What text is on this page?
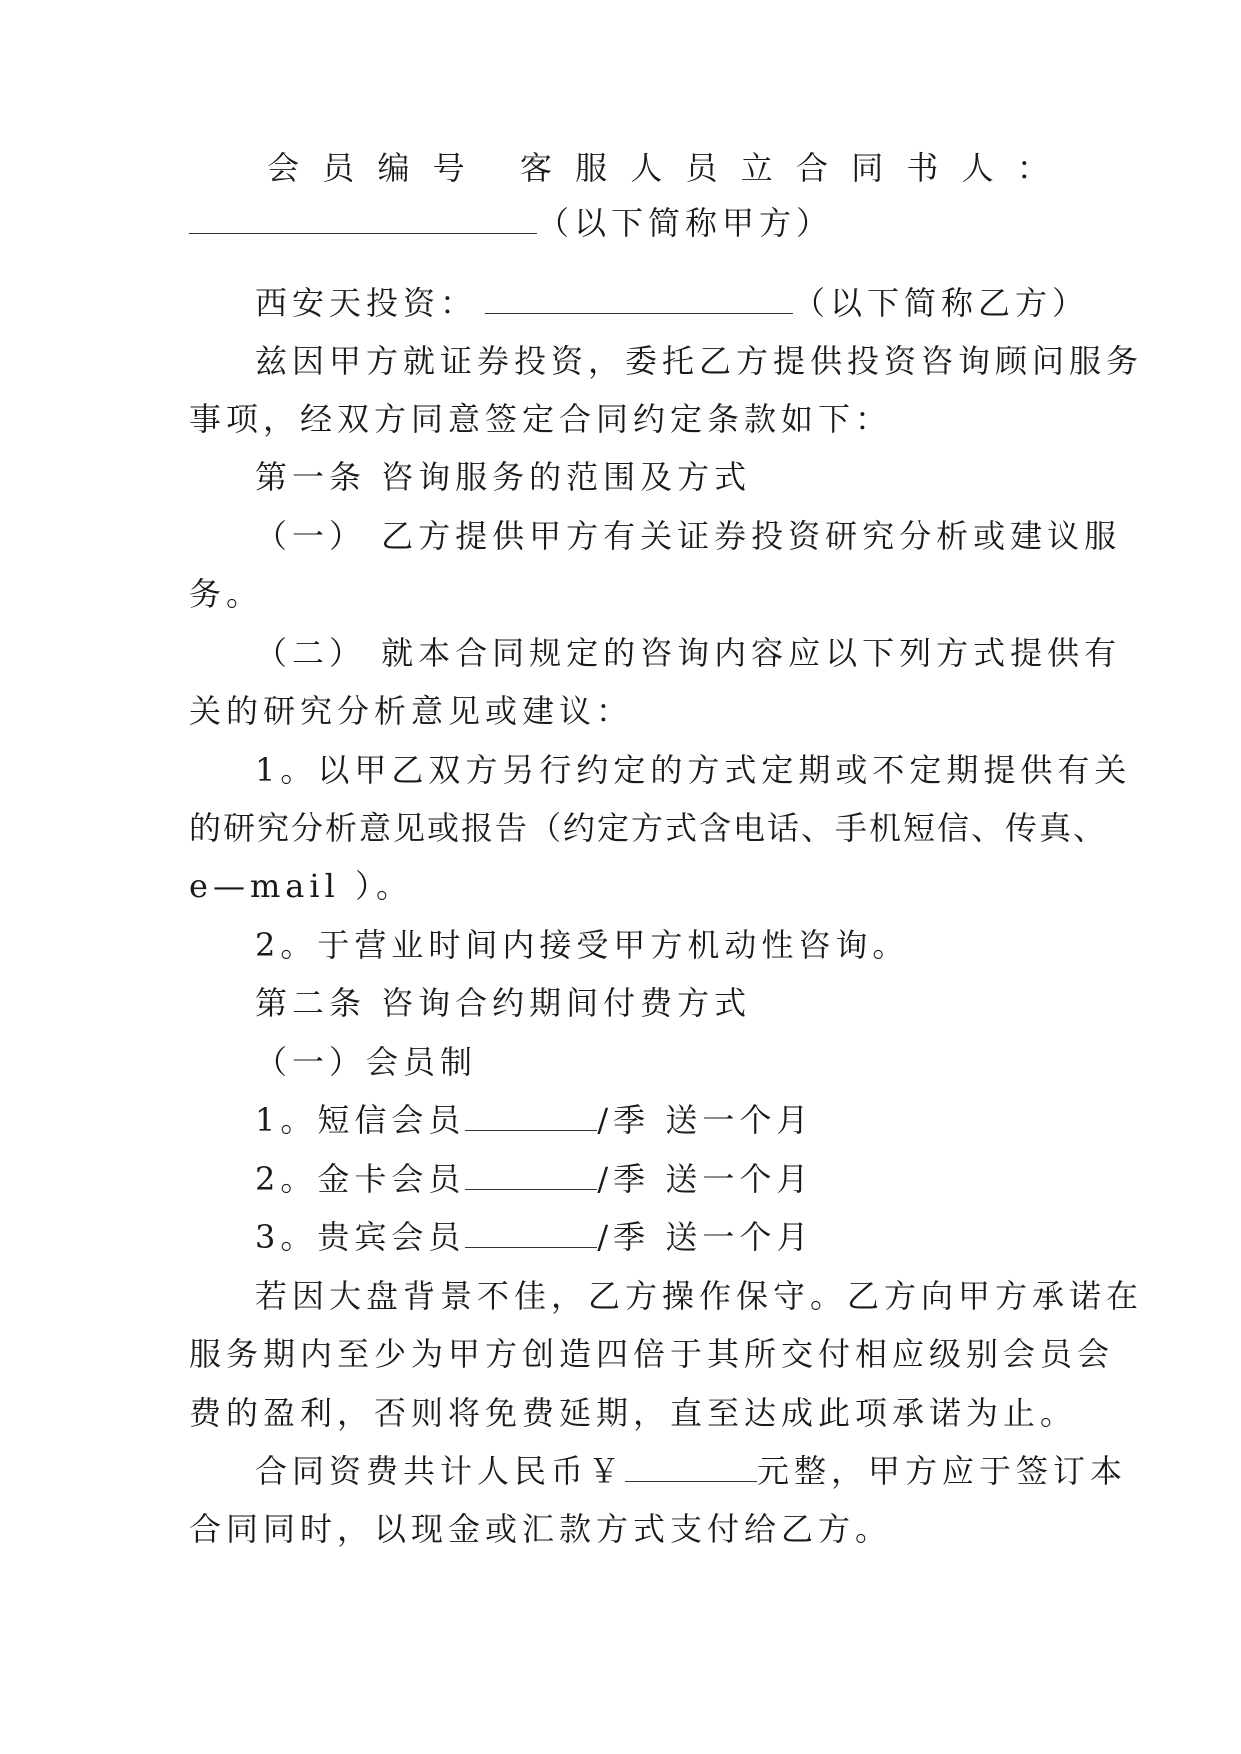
会 员 编 号 客 服 人 员 立 合 同 书 人 ：
（以下简称甲方）
西安天投资：	（以下简称乙方）
兹因甲方就证券投资，委托乙方提供投资咨询顾问服务
事项，经双方同意签定合同约定条款如下：
第一条 咨询服务的范围及方式
（一） 乙方提供甲方有关证券投资研究分析或建议服
务。
（二） 就本合同规定的咨询内容应以下列方式提供有
关的研究分析意见或建议：
1。以甲乙双方另行约定的方式定期或不定期提供有关
的研究分析意见或报告（约定方式含电话、手机短信、传真、
e—mail ）。
2。于营业时间内接受甲方机动性咨询。
第二条 咨询合约期间付费方式
（一）会员制
1。短信会员	/季 送一个月
2。金卡会员	/季 送一个月
3。贵宾会员	/季 送一个月
若因大盘背景不佳，乙方操作保守。乙方向甲方承诺在
服务期内至少为甲方创造四倍于其所交付相应级别会员会
费的盈利，否则将免费延期，直至达成此项承诺为止。
合同资费共计人民币￥	元整，甲方应于签订本
合同同时，以现金或汇款方式支付给乙方。
